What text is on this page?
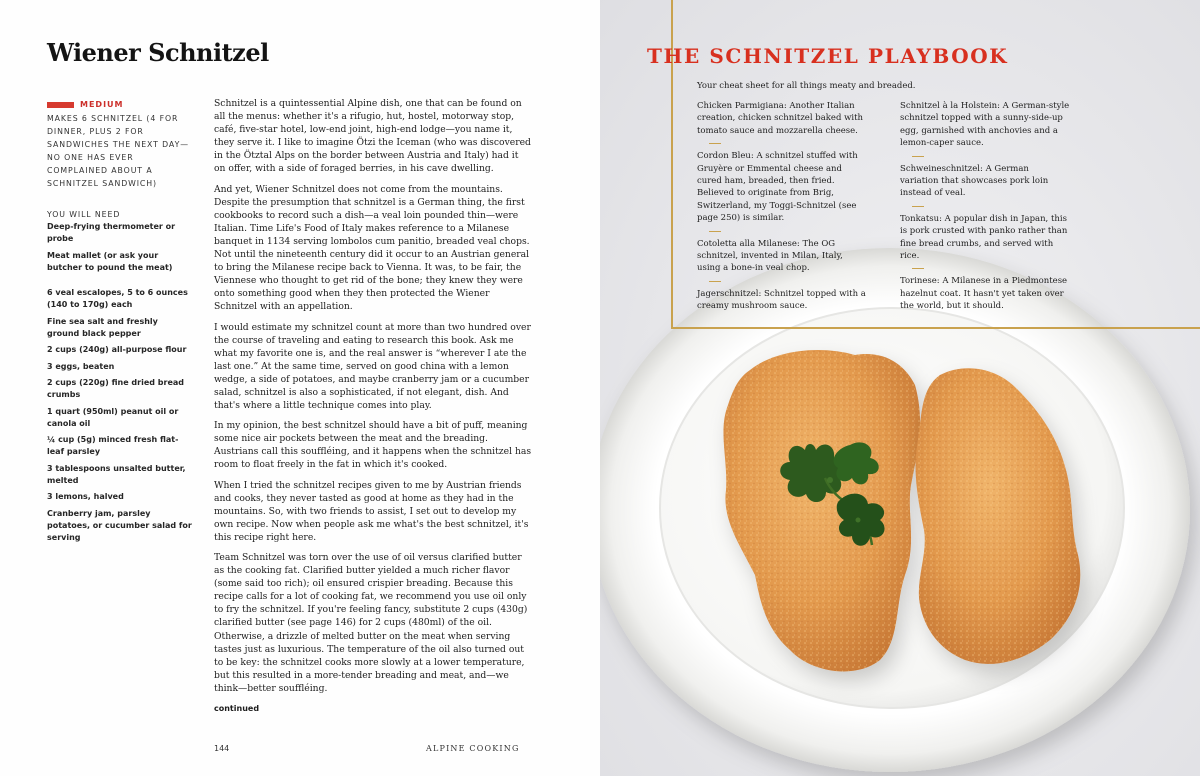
Wiener Schnitzel
MEDIUM
MAKES 6 SCHNITZEL (4 FOR DINNER, PLUS 2 FOR SANDWICHES THE NEXT DAY—NO ONE HAS EVER COMPLAINED ABOUT A SCHNITZEL SANDWICH)
YOU WILL NEED
Deep-frying thermometer or probe
Meat mallet (or ask your butcher to pound the meat)
6 veal escalopes, 5 to 6 ounces (140 to 170g) each
Fine sea salt and freshly ground black pepper
2 cups (240g) all-purpose flour
3 eggs, beaten
2 cups (220g) fine dried bread crumbs
1 quart (950ml) peanut oil or canola oil
¼ cup (5g) minced fresh flat-leaf parsley
3 tablespoons unsalted butter, melted
3 lemons, halved
Cranberry jam, parsley potatoes, or cucumber salad for serving

Schnitzel is a quintessential Alpine dish, one that can be found on all the menus: whether it's a rifugio, hut, hostel, motorway stop, café, five-star hotel, low-end joint, high-end lodge—you name it, they serve it. I like to imagine Ötzi the Iceman (who was discovered in the Ötztal Alps on the border between Austria and Italy) had it on offer, with a side of foraged berries, in his cave dwelling.

And yet, Wiener Schnitzel does not come from the mountains. Despite the presumption that schnitzel is a German thing, the first cookbooks to record such a dish—a veal loin pounded thin—were Italian. Time Life's Food of Italy makes reference to a Milanese banquet in 1134 serving lombolos cum panitio, breaded veal chops. Not until the nineteenth century did it occur to an Austrian general to bring the Milanese recipe back to Vienna. It was, to be fair, the Viennese who thought to get rid of the bone; they knew they were onto something good when they then protected the Wiener Schnitzel with an appellation.

I would estimate my schnitzel count at more than two hundred over the course of traveling and eating to research this book. Ask me what my favorite one is, and the real answer is “wherever I ate the last one.” At the same time, served on good china with a lemon wedge, a side of potatoes, and maybe cranberry jam or a cucumber salad, schnitzel is also a sophisticated, if not elegant, dish. And that's where a little technique comes into play.

In my opinion, the best schnitzel should have a bit of puff, meaning some nice air pockets between the meat and the breading. Austrians call this souffléing, and it happens when the schnitzel has room to float freely in the fat in which it's cooked.

When I tried the schnitzel recipes given to me by Austrian friends and cooks, they never tasted as good at home as they had in the mountains. So, with two friends to assist, I set out to develop my own recipe. Now when people ask me what's the best schnitzel, it's this recipe right here.

Team Schnitzel was torn over the use of oil versus clarified butter as the cooking fat. Clarified butter yielded a much richer flavor (some said too rich); oil ensured crispier breading. Because this recipe calls for a lot of cooking fat, we recommend you use oil only to fry the schnitzel. If you're feeling fancy, substitute 2 cups (430g) clarified butter (see page 146) for 2 cups (480ml) of the oil. Otherwise, a drizzle of melted butter on the meat when serving tastes just as luxurious. The temperature of the oil also turned out to be key: the schnitzel cooks more slowly at a lower temperature, but this resulted in a more-tender breading and meat, and—we think—better souffléing.

continued
144	ALPINE COOKING
THE SCHNITZEL PLAYBOOK
Your cheat sheet for all things meaty and breaded.
Chicken Parmigiana: Another Italian creation, chicken schnitzel baked with tomato sauce and mozzarella cheese.
Cordon Bleu: A schnitzel stuffed with Gruyère or Emmental cheese and cured ham, breaded, then fried. Believed to originate from Brig, Switzerland, my Toggi-Schnitzel (see page 250) is similar.
Cotoletta alla Milanese: The OG schnitzel, invented in Milan, Italy, using a bone-in veal chop.
Jagerschnitzel: Schnitzel topped with a creamy mushroom sauce.
Schnitzel à la Holstein: A German-style schnitzel topped with a sunny-side-up egg, garnished with anchovies and a lemon-caper sauce.
Schweineschnitzel: A German variation that showcases pork loin instead of veal.
Tonkatsu: A popular dish in Japan, this is pork crusted with panko rather than fine bread crumbs, and served with rice.
Torinese: A Milanese in a Piedmontese hazelnut coat. It hasn't yet taken over the world, but it should.
